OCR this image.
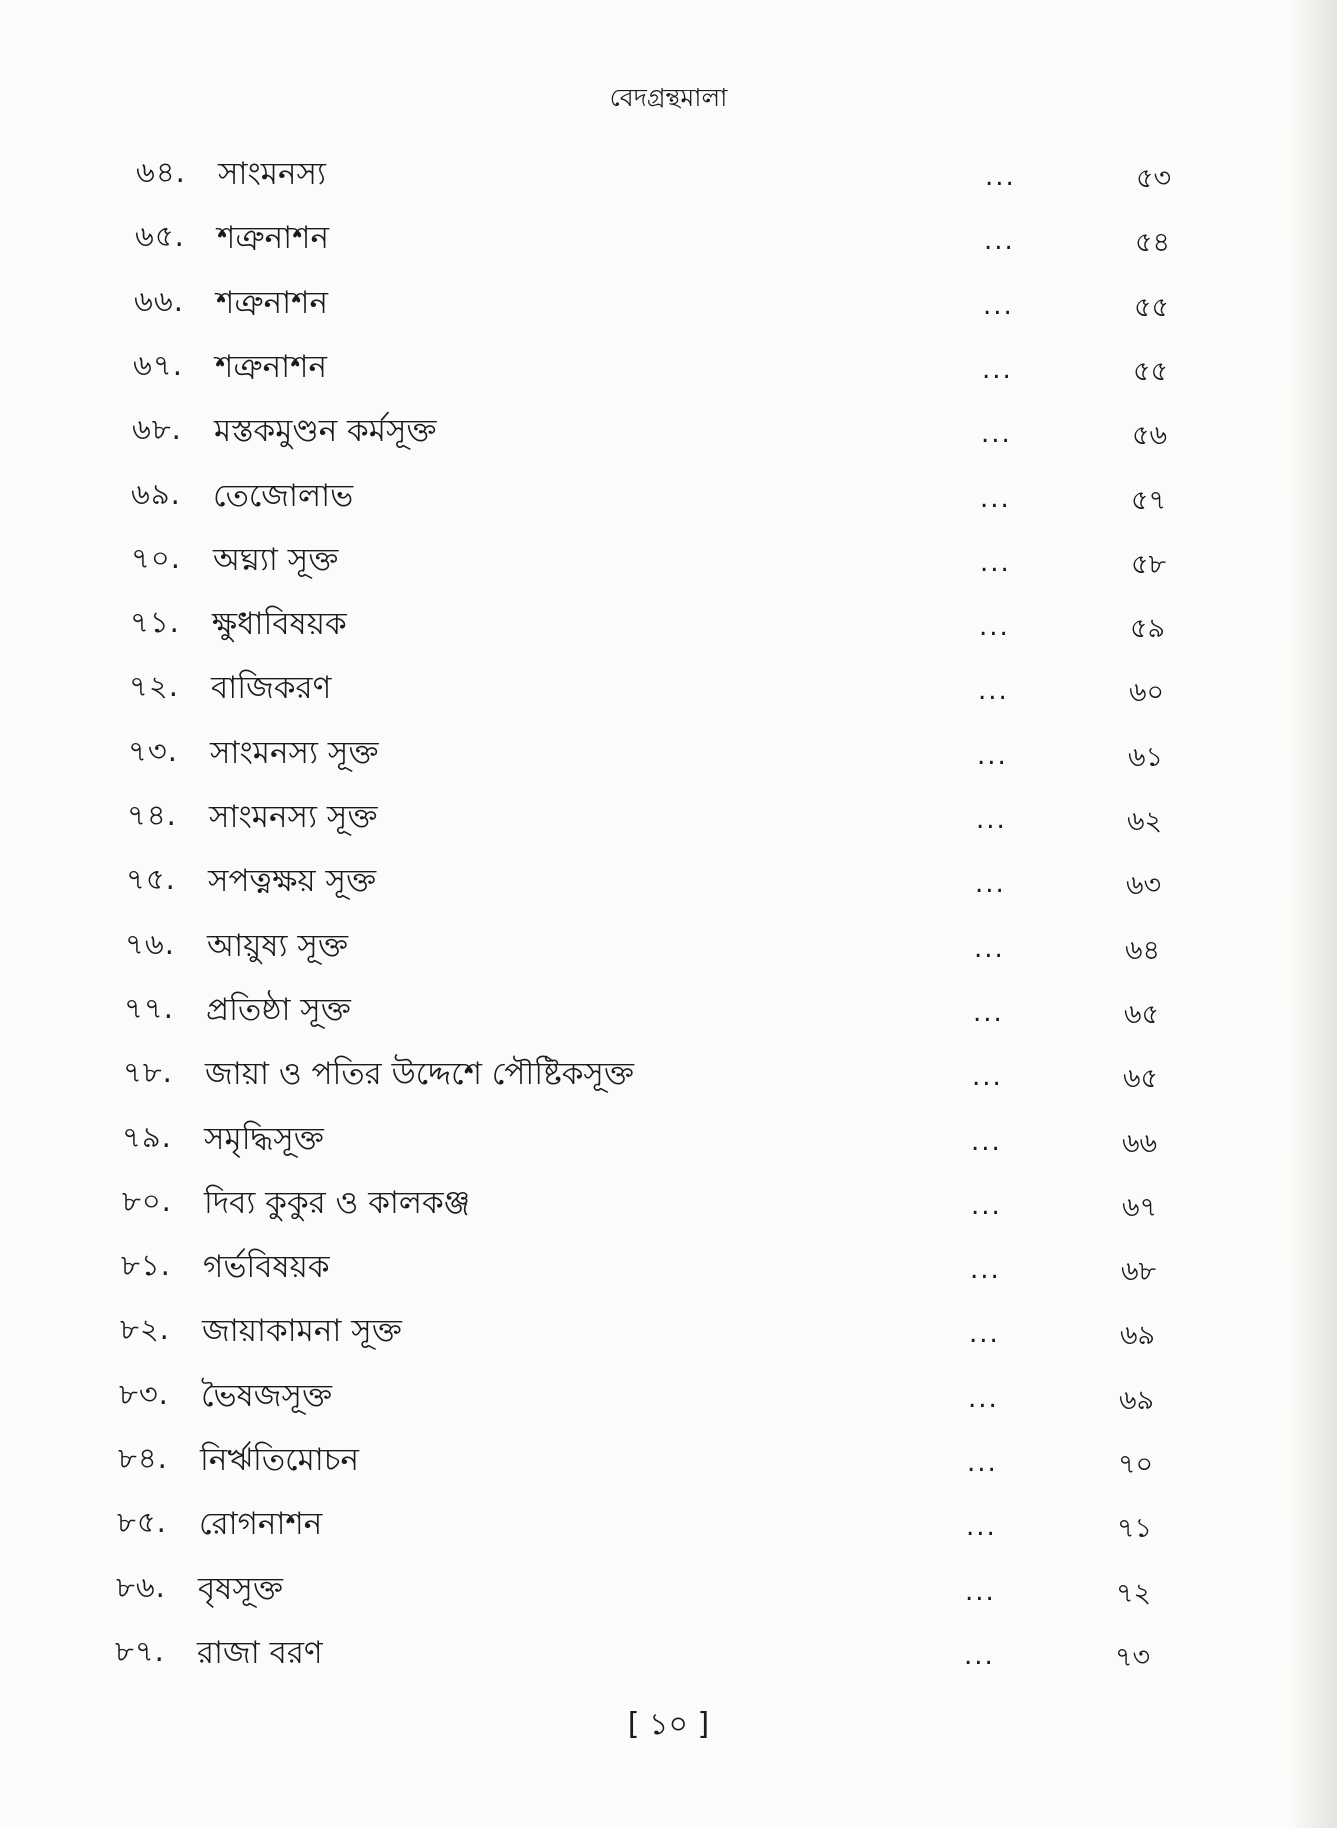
বেদগ্রন্থমালা
৬৪. সাংমনস্য	...	৫৩
৬৫. শত্রুনাশন	...	৫৪
৬৬. শত্রুনাশন	...	৫৫
৬৭. শত্রুনাশন	...	৫৫
৬৮. মস্তকমুণ্ডন কর্মসূক্ত	...	৫৬
৬৯. তেজোলাভ	...	৫৭
৭০. অঘ্ন্যা সূক্ত	...	৫৮
৭১. ক্ষুধাবিষয়ক	...	৫৯
৭২. বাজিকরণ	...	৬০
৭৩. সাংমনস্য সূক্ত	...	৬১
৭৪. সাংমনস্য সূক্ত	...	৬২
৭৫. সপত্নক্ষয় সূক্ত	...	৬৩
৭৬. আয়ুষ্য সূক্ত	...	৬৪
৭৭. প্রতিষ্ঠা সূক্ত	...	৬৫
৭৮. জায়া ও পতির উদ্দেশে পৌষ্টিকসূক্ত	...	৬৫
৭৯. সমৃদ্ধিসূক্ত	...	৬৬
৮০. দিব্য কুকুর ও কালকঞ্জ	...	৬৭
৮১. গর্ভবিষয়ক	...	৬৮
৮২. জায়াকামনা সূক্ত	...	৬৯
৮৩. ভৈষজসূক্ত	...	৬৯
৮৪. নির্ঋতিমোচন	...	৭০
৮৫. রোগনাশন	...	৭১
৮৬. বৃষসূক্ত	...	৭২
৮৭. রাজা বরণ	...	৭৩
[ ১০ ]
